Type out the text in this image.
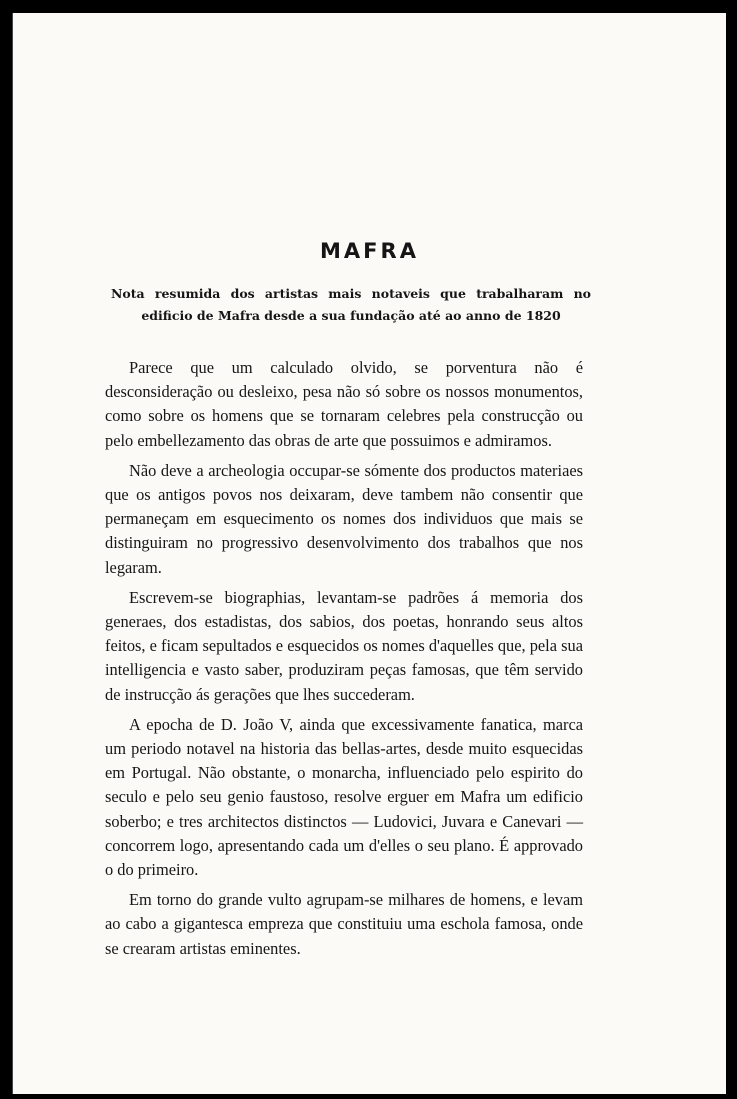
MAFRA

Nota resumida dos artistas mais notaveis que trabalharam no edificio de Mafra desde a sua fundação até ao anno de 1820

Parece que um calculado olvido, se porventura não é desconsideração ou desleixo, pesa não só sobre os nossos monumentos, como sobre os homens que se tornaram celebres pela construcção ou pelo embellezamento das obras de arte que possuimos e admiramos.

Não deve a archeologia occupar-se sómente dos productos materiaes que os antigos povos nos deixaram, deve tambem não consentir que permaneçam em esquecimento os nomes dos individuos que mais se distinguiram no progressivo desenvolvimento dos trabalhos que nos legaram.

Escrevem-se biographias, levantam-se padrões á memoria dos generaes, dos estadistas, dos sabios, dos poetas, honrando seus altos feitos, e ficam sepultados e esquecidos os nomes d'aquelles que, pela sua intelligencia e vasto saber, produziram peças famosas, que têm servido de instrucção ás gerações que lhes succederam.

A epocha de D. João V, ainda que excessivamente fanatica, marca um periodo notavel na historia das bellas-artes, desde muito esquecidas em Portugal. Não obstante, o monarcha, influenciado pelo espirito do seculo e pelo seu genio faustoso, resolve erguer em Mafra um edificio soberbo; e tres architectos distinctos — Ludovici, Juvara e Canevari — concorrem logo, apresentando cada um d'elles o seu plano. É approvado o do primeiro.

Em torno do grande vulto agrupam-se milhares de homens, e levam ao cabo a gigantesca empreza que constituiu uma eschola famosa, onde se crearam artistas eminentes.
